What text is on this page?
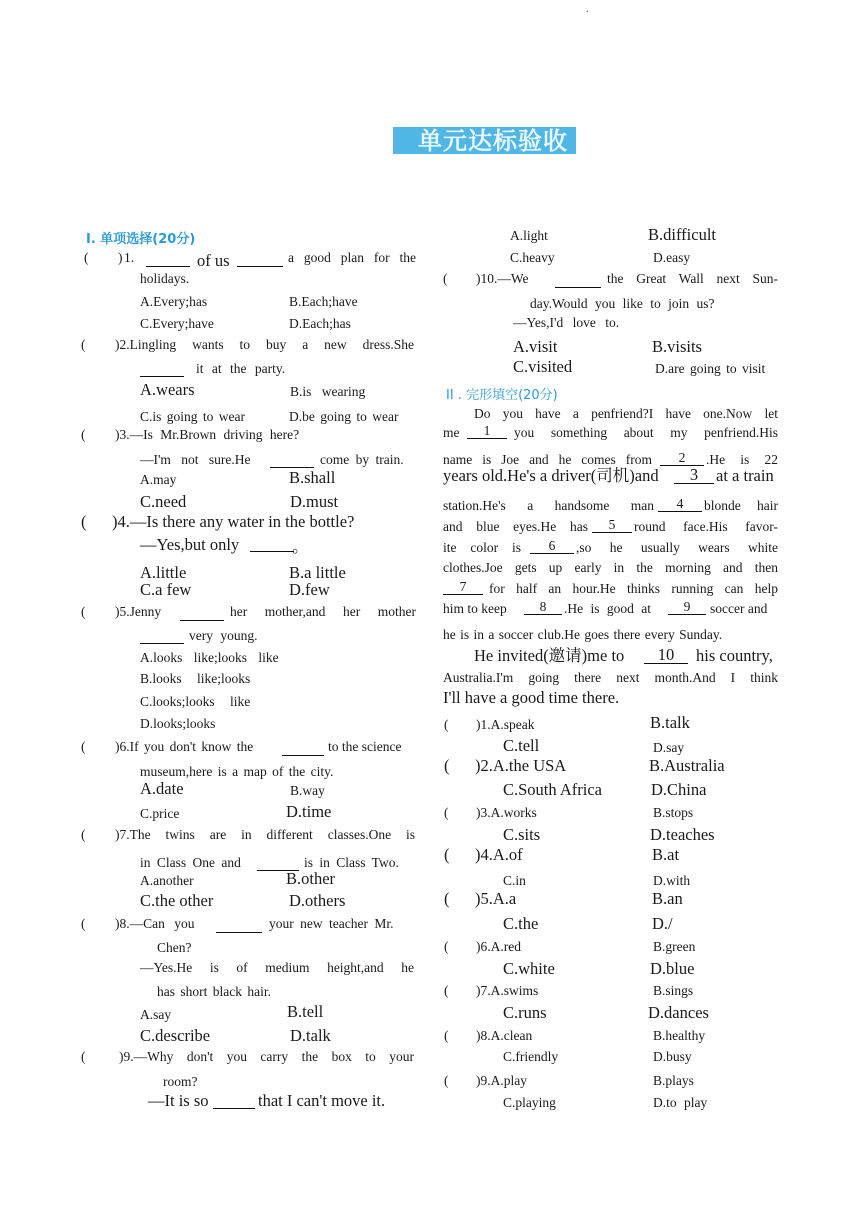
.
单元达标验收
I. 单项选择(20分)
( ) 1.	of us	a good plan for the
holidays.
A.Every;has	B.Each;have
C.Every;have	D.Each;has
( )2.Lingling wants to buy a new dress.She
it at the party.
A.wears	B.is wearing
C.is going to wear	D.be going to wear
( )3.—Is Mr.Brown driving here?
—I'm not sure.He	come by train.
A.may	B.shall
C.need	D.must
( )4.—Is there any water in the bottle?
—Yes,but only	。
A.little	B.a little
C.a few	D.few
( )5.Jenny	her mother,and her mother
very young.
A.looks like;looks like
B.looks like;looks
C.looks;looks like
D.looks;looks
( )6.If you don't know the	to the science
museum,here is a map of the city.
A.date	B.way
C.price	D.time
( )7.The twins are in different classes.One is
in Class One and	is in Class Two.
A.another	B.other
C.the other	D.others
( )8.—Can you	your new teacher Mr.
Chen?
—Yes.He is of medium height,and he
has short black hair.
A.say	B.tell
C.describe	D.talk
( )9.—Why don't you carry the box to your
room?
—It is so	that I can't move it.
A.light	B.difficult
C.heavy	D.easy
( )10.—We	the Great Wall next Sun-
day.Would you like to join us?
—Yes,I'd love to.
A.visit	B.visits
C.visited	D.are going to visit
II . 完形填空(20分)
Do you have a penfriend?I have one.Now let
me	1	you something about my penfriend.His
name is Joe and he comes from	2	.He is 22
years old.He's a driver(司机)and	3	at a train
station.He's a handsome man	4	blonde hair
and blue eyes.He has	5	round face.His favor-
ite color is	6	,so he usually wears white
clothes.Joe gets up early in the morning and then
7	for half an hour.He thinks running can help
him to keep	8	.He is good at	9	soccer and
he is in a soccer club.He goes there every Sunday.
He invited(邀请)me to	10	his country,
Australia.I'm going there next month.And I think
I'll have a good time there.
( )1.A.speak	B.talk
C.tell	D.say
( )2.A.the USA	B.Australia
C.South Africa	D.China
( )3.A.works	B.stops
C.sits	D.teaches
( )4.A.of	B.at
C.in	D.with
( )5.A.a	B.an
C.the	D./
( )6.A.red	B.green
C.white	D.blue
( )7.A.swims	B.sings
C.runs	D.dances
( )8.A.clean	B.healthy
C.friendly	D.busy
( )9.A.play	B.plays
C.playing	D.to play
